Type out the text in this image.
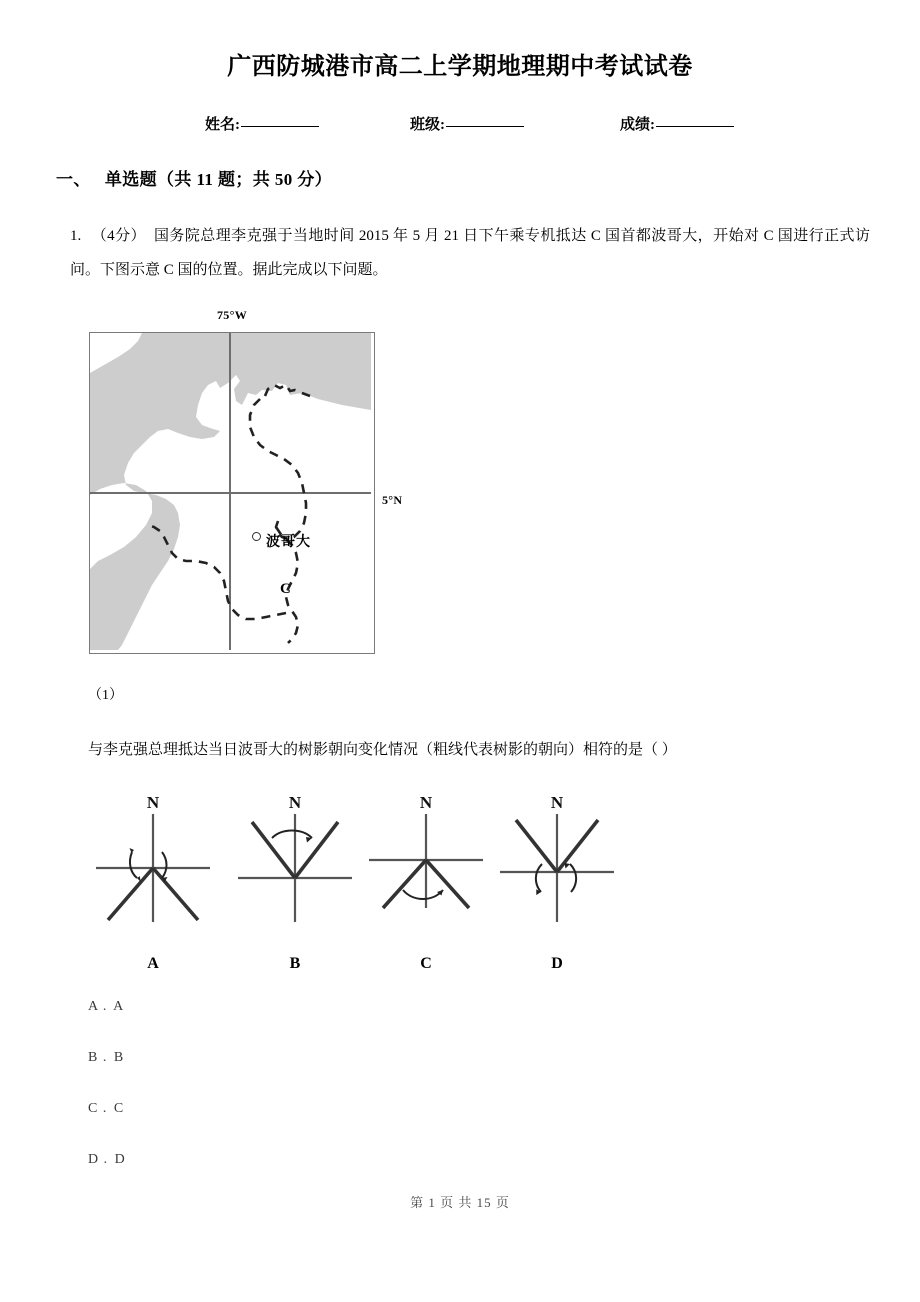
广西防城港市高二上学期地理期中考试试卷
姓名:	班级:	成绩:
一、 单选题（共 11 题；共 50 分）
1. （4分） 国务院总理李克强于当地时间 2015 年 5 月 21 日下午乘专机抵达 C 国首都波哥大，开始对 C 国进行正式访问。下图示意 C 国的位置。据此完成以下问题。
75°W
5°N
波哥大
C
（1）
与李克强总理抵达当日波哥大的树影朝向变化情况（粗线代表树影的朝向）相符的是（ ）
N
A
N
B
N
C
N
D
A . A
B . B
C . C
D . D
第 1 页 共 15 页
